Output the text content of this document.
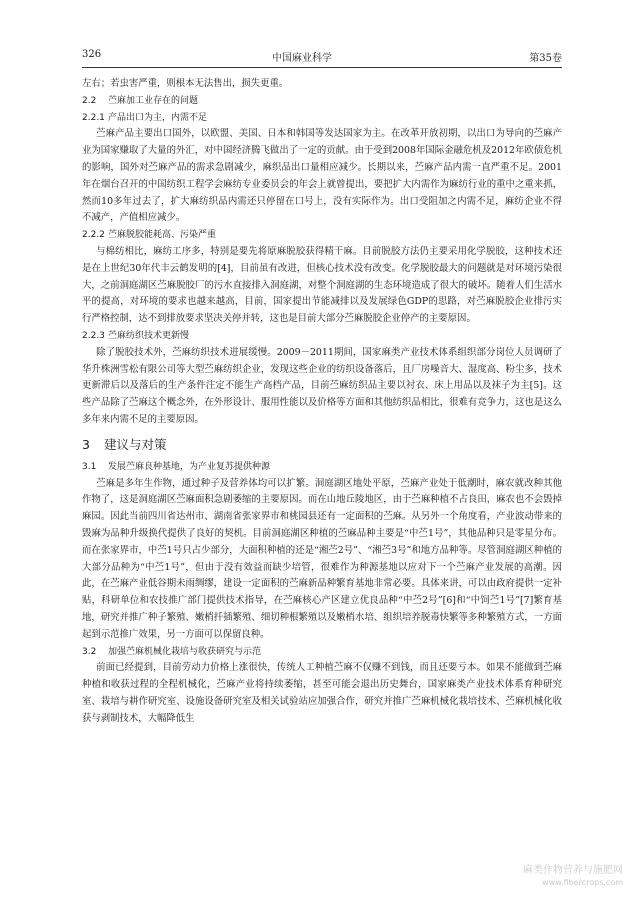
326	中国麻业科学	第35卷

左右；若虫害严重，则根本无法售出，损失更重。

2.2 苎麻加工业存在的问题
2.2.1 产品出口为主，内需不足

苎麻产品主要出口国外，以欧盟、美国、日本和韩国等发达国家为主。在改革开放初期，以出口为导向的苎麻产业为国家赚取了大量的外汇，对中国经济腾飞做出了一定的贡献。由于受到2008年国际金融危机及2012年欧债危机的影响，国外对苎麻产品的需求急剧减少，麻织品出口量相应减少。长期以来，苎麻产品内需一直严重不足。2001年在烟台召开的中国纺织工程学会麻纺专业委员会的年会上就曾提出，要把扩大内需作为麻纺行业的重中之重来抓，然而10多年过去了，扩大麻纺织品内需还只停留在口号上，没有实际作为。出口受阻加之内需不足，麻纺企业不得不减产，产值相应减少。

2.2.2 苎麻脱胶能耗高、污染严重

与棉纺相比，麻纺工序多，特别是要先将原麻脱胶获得精干麻。目前脱胶方法仍主要采用化学脱胶，这种技术还是在上世纪30年代丰云鹤发明的[4]，目前虽有改进，但核心技术没有改变。化学脱胶最大的问题就是对环境污染很大，之前洞庭湖区苎麻脱胶厂的污水直接排入洞庭湖，对整个洞庭湖的生态环境造成了很大的破坏。随着人们生活水平的提高，对环境的要求也越来越高，目前，国家提出节能减排以及发展绿色GDP的思路，对苎麻脱胶企业排污实行严格控制，达不到排放要求坚决关停并转，这也是目前大部分苎麻脱胶企业停产的主要原因。

2.2.3 苎麻纺织技术更新慢

除了脱胶技术外，苎麻纺织技术进展缓慢。2009－2011期间，国家麻类产业技术体系组织部分岗位人员调研了华升株洲雪松有限公司等大型苎麻纺织企业，发现这些企业的纺织设备落后，且厂房噪音大、湿度高、粉尘多，技术更新滞后以及落后的生产条件注定不能生产高档产品，目前苎麻纺织品主要以衬衣、床上用品以及袜子为主[5]。这些产品除了苎麻这个概念外，在外形设计、服用性能以及价格等方面和其他纺织品相比，很难有竞争力，这也是这么多年来内需不足的主要原因。

3 建议与对策
3.1 发展苎麻良种基地，为产业复苏提供种源

苎麻是多年生作物，通过种子及营养体均可以扩繁。洞庭湖区地处平原，苎麻产业处于低潮时，麻农就改种其他作物了，这是洞庭湖区苎麻面积急剧萎缩的主要原因。而在山地丘陵地区，由于苎麻种植不占良田，麻农也不会毁掉麻园。因此当前四川省达州市、湖南省张家界市和桃园县还有一定面积的苎麻。从另外一个角度看，产业波动带来的毁麻为品种升级换代提供了良好的契机。目前洞庭湖区种植的苎麻品种主要是“中苎1号”，其他品种只是零星分布。而在张家界市，中苎1号只占少部分，大面积种植的还是“湘苎2号”、“湘苎3号”和地方品种等。尽管洞庭湖区种植的大部分品种为“中苎1号”，但由于没有效益而缺少培管，很难作为种源基地以应对下一个苎麻产业发展的高潮。因此，在苎麻产业低谷期未雨绸缪，建设一定面积的苎麻新品种繁育基地非常必要。具体来讲，可以由政府提供一定补贴，科研单位和农技推广部门提供技术指导，在苎麻核心产区建立优良品种“中苎2号”[6]和“中饲苎1号”[7]繁育基地，研究并推广种子繁殖、嫩梢扦插繁殖、细切种根繁殖以及嫩梢水培、组织培养脱毒快繁等多种繁殖方式，一方面起到示范推广效果，另一方面可以保留良种。

3.2 加强苎麻机械化栽培与收获研究与示范

前面已经提到，目前劳动力价格上涨很快，传统人工种植苎麻不仅赚不到钱，而且还要亏本。如果不能做到苎麻种植和收获过程的全程机械化，苎麻产业将持续萎缩，甚至可能会退出历史舞台，国家麻类产业技术体系育种研究室、栽培与耕作研究室、设施设备研究室及相关试验站应加强合作，研究并推广苎麻机械化栽培技术、苎麻机械化收获与剥制技术，大幅降低生

麻类作物营养与施肥网
www.fibercrops.com
